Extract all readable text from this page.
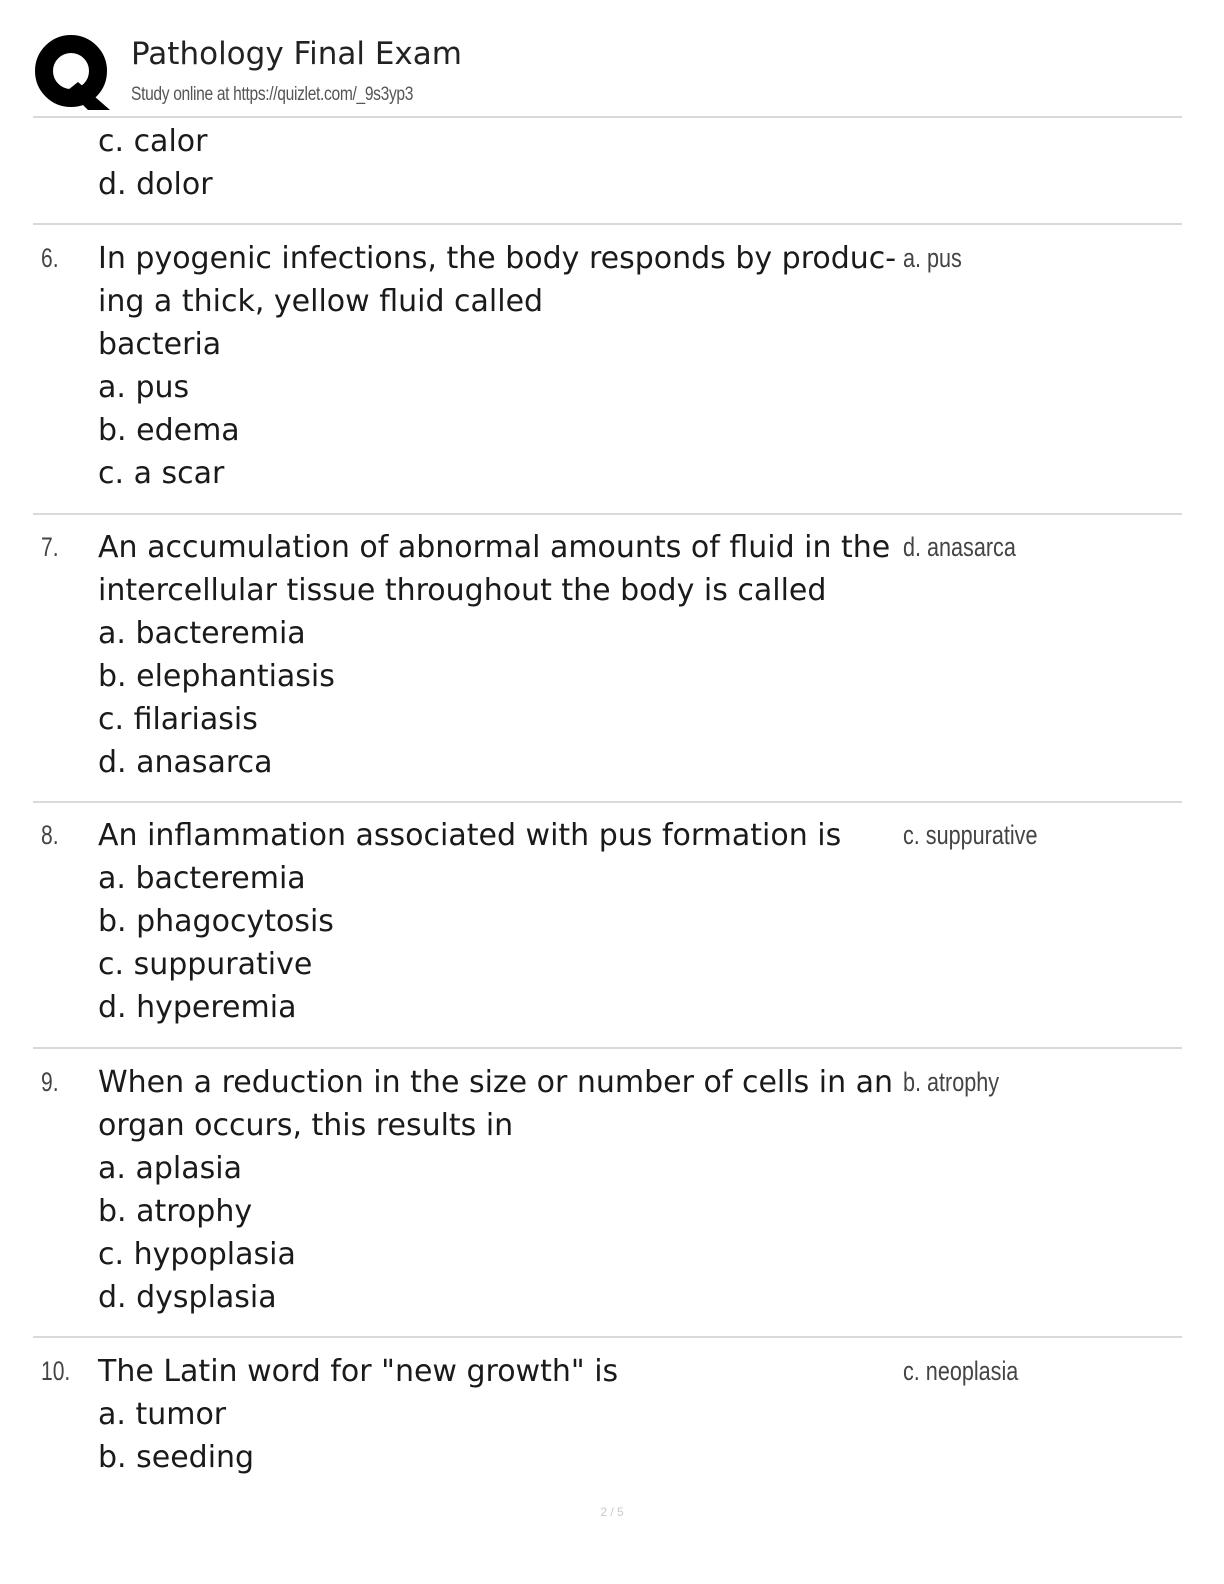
Pathology Final Exam
Study online at https://quizlet.com/_9s3yp3
c. calor
d. dolor
6. In pyogenic infections, the body responds by produc-
ing a thick, yellow fluid called
bacteria
a. pus
b. edema
c. a scar
a. pus
7. An accumulation of abnormal amounts of fluid in the
intercellular tissue throughout the body is called
a. bacteremia
b. elephantiasis
c. filariasis
d. anasarca
d. anasarca
8. An inflammation associated with pus formation is
a. bacteremia
b. phagocytosis
c. suppurative
d. hyperemia
c. suppurative
9. When a reduction in the size or number of cells in an
organ occurs, this results in
a. aplasia
b. atrophy
c. hypoplasia
d. dysplasia
b. atrophy
10. The Latin word for "new growth" is
a. tumor
b. seeding
c. neoplasia
2 / 5
